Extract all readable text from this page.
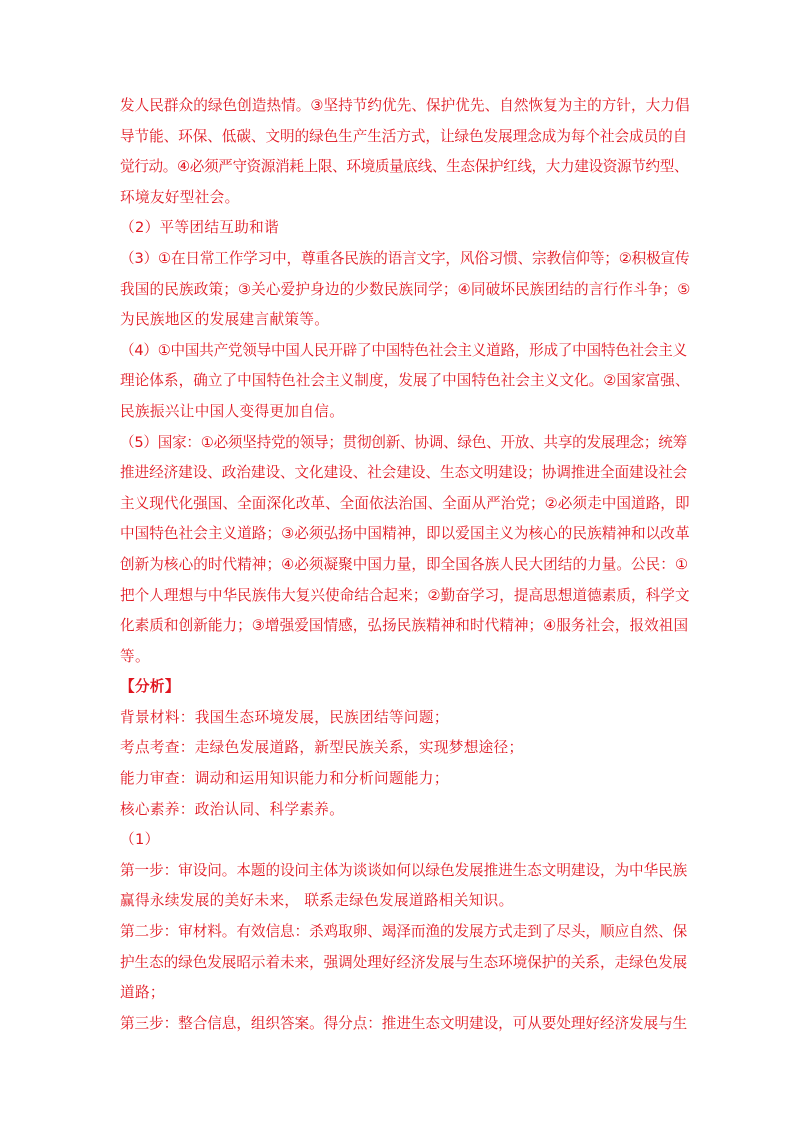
发人民群众的绿色创造热情。③坚持节约优先、保护优先、自然恢复为主的方针，大力倡
导节能、环保、低碳、文明的绿色生产生活方式，让绿色发展理念成为每个社会成员的自
觉行动。④必须严守资源消耗上限、环境质量底线、生态保护红线，大力建设资源节约型、
环境友好型社会。
（2）平等团结互助和谐
（3）①在日常工作学习中，尊重各民族的语言文字，风俗习惯、宗教信仰等；②积极宣传
我国的民族政策；③关心爱护身边的少数民族同学；④同破坏民族团结的言行作斗争；⑤
为民族地区的发展建言献策等。
（4）①中国共产党领导中国人民开辟了中国特色社会主义道路，形成了中国特色社会主义
理论体系，确立了中国特色社会主义制度，发展了中国特色社会主义文化。②国家富强、
民族振兴让中国人变得更加自信。
（5）国家：①必须坚持党的领导；贯彻创新、协调、绿色、开放、共享的发展理念；统筹
推进经济建设、政治建设、文化建设、社会建设、生态文明建设；协调推进全面建设社会
主义现代化强国、全面深化改革、全面依法治国、全面从严治党；②必须走中国道路，即
中国特色社会主义道路；③必须弘扬中国精神，即以爱国主义为核心的民族精神和以改革
创新为核心的时代精神；④必须凝聚中国力量，即全国各族人民大团结的力量。公民：①
把个人理想与中华民族伟大复兴使命结合起来；②勤奋学习，提高思想道德素质，科学文
化素质和创新能力；③增强爱国情感，弘扬民族精神和时代精神；④服务社会，报效祖国
等。
【分析】
背景材料：我国生态环境发展，民族团结等问题；
考点考查：走绿色发展道路，新型民族关系，实现梦想途径；
能力审查：调动和运用知识能力和分析问题能力；
核心素养：政治认同、科学素养。
（1）
第一步：审设问。本题的设问主体为谈谈如何以绿色发展推进生态文明建设，为中华民族
赢得永续发展的美好未来， 联系走绿色发展道路相关知识。
第二步：审材料。有效信息：杀鸡取卵、竭泽而渔的发展方式走到了尽头，顺应自然、保
护生态的绿色发展昭示着未来，强调处理好经济发展与生态环境保护的关系，走绿色发展
道路；
第三步：整合信息，组织答案。得分点：推进生态文明建设，可从要处理好经济发展与生
